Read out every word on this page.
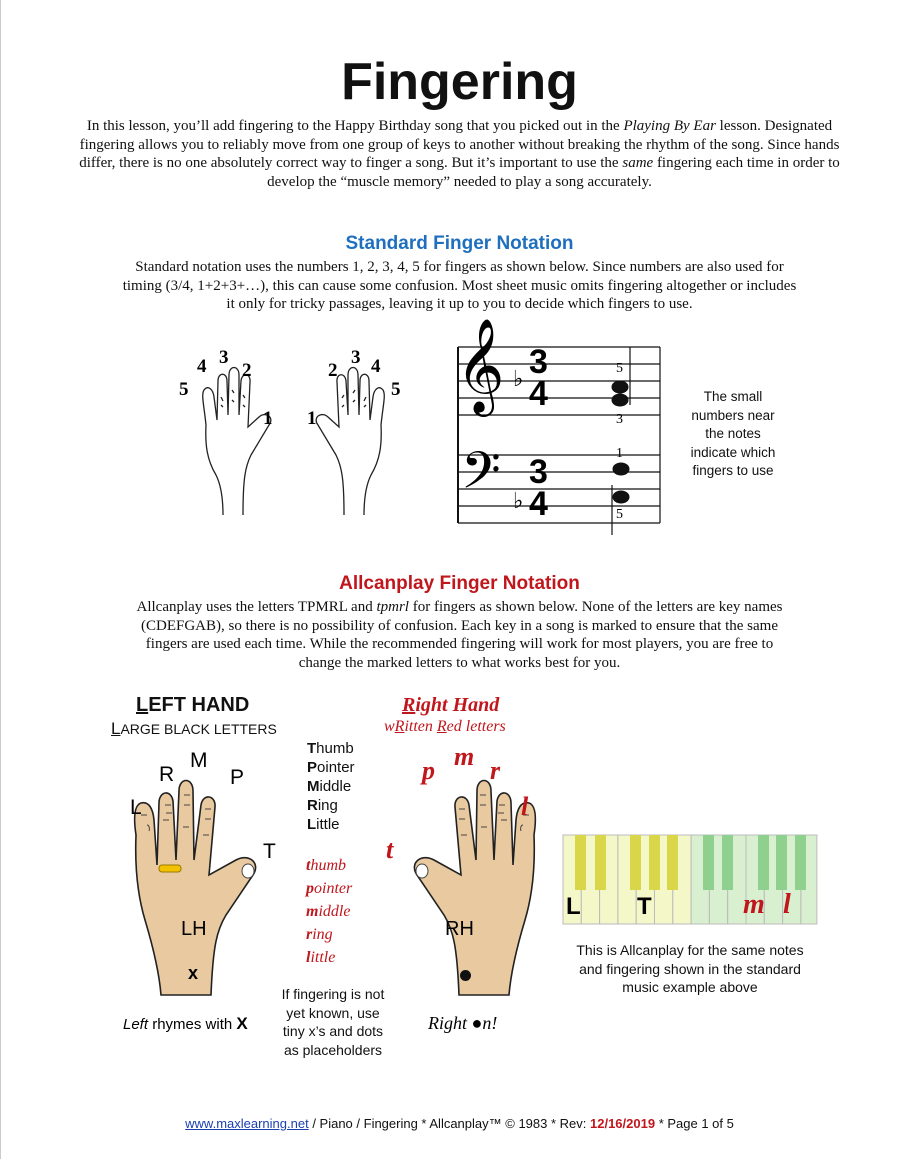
Fingering
In this lesson, you’ll add fingering to the Happy Birthday song that you picked out in the Playing By Ear lesson. Designated fingering allows you to reliably move from one group of keys to another without breaking the rhythm of the song. Since hands differ, there is no one absolutely correct way to finger a song. But it’s important to use the same fingering each time in order to develop the “muscle memory” needed to play a song accurately.
Standard Finger Notation
Standard notation uses the numbers 1, 2, 3, 4, 5 for fingers as shown below. Since numbers are also used for timing (3/4, 1+2+3+…), this can cause some confusion. Most sheet music omits fingering altogether or includes it only for tricky passages, leaving it up to you to decide which fingers to use.
5
4 3
2
1 1
2
3 4
5 𝄞
𝄢
♭
♭
3
4
3
4
5
3
1
5
The small numbers near the notes indicate which fingers to use
Allcanplay Finger Notation
Allcanplay uses the letters TPMRL and tpmrl for fingers as shown below. None of the letters are key names (CDEFGAB), so there is no possibility of confusion. Each key in a song is marked to ensure that the same fingers are used each time. While the recommended fingering will work for most players, you are free to change the marked letters to what works best for you.
LEFT HAND
LARGE BLACK LETTERS
L
R
M
P
T
LH
x
Left rhymes with X
Thumb
Pointer
Middle
Ring
Little
thumb
pointer
middle
ring
little
If fingering is not yet known, use tiny x’s and dots as placeholders
Right Hand
wRitten Red letters
t
p m r
l
RH
Right ●n!
L T	m l
This is Allcanplay for the same notes and fingering shown in the standard music example above
www.maxlearning.net / Piano / Fingering * Allcanplay™ © 1983 * Rev: 12/16/2019 * Page 1 of 5
